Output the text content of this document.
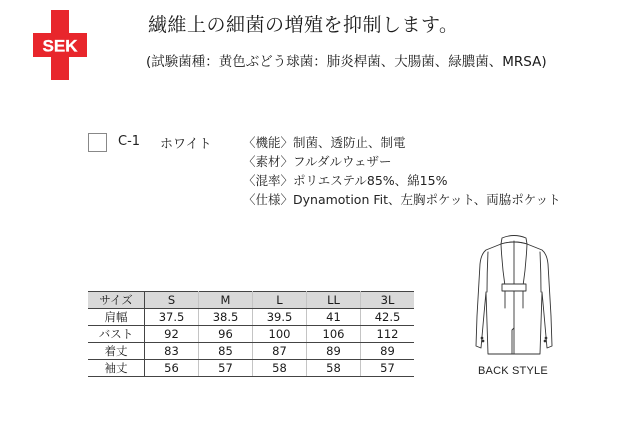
SEK
繊維上の細菌の増殖を抑制します。
(試験菌種：黄色ぶどう球菌：肺炎桿菌、大腸菌、緑膿菌、MRSA)
C-1 ホワイト	〈機能〉制菌、透防止、制電
〈素材〉フルダルウェザー
〈混率〉ポリエステル85%、綿15%
〈仕様〉Dynamotion Fit、左胸ポケット、両脇ポケット
サイズ	S	M	L	LL	3L
肩幅	37.5	38.5	39.5	41	42.5
バスト	92	96	100	106	112
着丈	83	85	87	89	89
袖丈	56	57	58	58	57	BACK STYLE
